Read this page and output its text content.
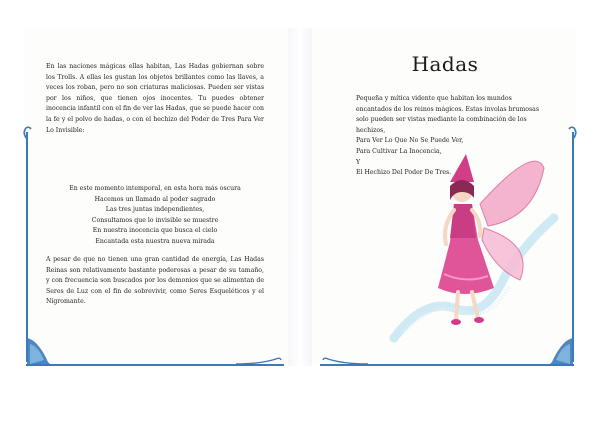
En las naciones mágicas ellas habitan, Las Hadas gobiernan sobre los Trolls. A ellas les gustan los objetos brillantes como las llaves, a veces los roban, pero no son criaturas maliciosas. Pueden ser vistas por los niños, que tienen ojos inocentes. Tu puedes obtener inocencia infantil con el fin de ver las Hadas, que se puede hacer con la fe y el polvo de hadas, o con el hechizo del Poder de Tres Para Ver Lo Invisible:
En este momento intemporal, en esta hora más oscura
Hacemos un llamado al poder sagrado
Las tres juntas independientes,
Consultamos que lo invisible se muestre
En nuestra inocencia que busca el cielo
Encantada esta nuestra nueva mirada
A pesar de que no tienen una gran cantidad de energía, Las Hadas Reinas son relativamente bastante poderosas a pesar de su tamaño, y con frecuencia son buscados por los demonios que se alimentan de Seres de Luz con el fin de sobrevivir, como Seres Esqueléticos y el Nigromante.
Hadas
Pequeña y mítica vidente que habitan los mundos
encantados de los reinos mágicos. Estas ínvolas brumosas
solo pueden ser vistas mediante la combinación de los
hechizos,
Para Ver Lo Que No Se Puede Ver,
Para Cultivar La Inocencia,
Y
El Hechizo Del Poder De Tres.
